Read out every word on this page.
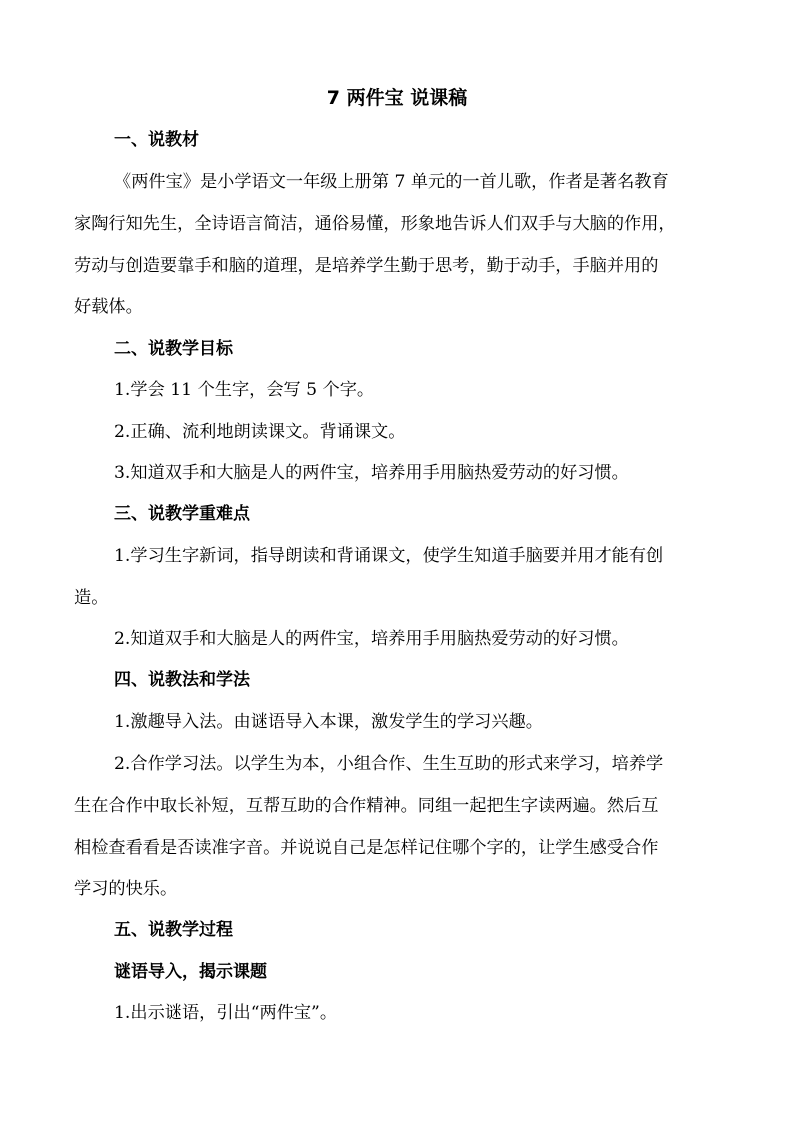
7 两件宝 说课稿
一、说教材
《两件宝》是小学语文一年级上册第 7 单元的一首儿歌，作者是著名教育
家陶行知先生，全诗语言简洁，通俗易懂，形象地告诉人们双手与大脑的作用，
劳动与创造要靠手和脑的道理，是培养学生勤于思考，勤于动手，手脑并用的
好载体。
二、说教学目标
1.学会 11 个生字，会写 5 个字。
2.正确、流利地朗读课文。背诵课文。
3.知道双手和大脑是人的两件宝，培养用手用脑热爱劳动的好习惯。
三、说教学重难点
1.学习生字新词，指导朗读和背诵课文，使学生知道手脑要并用才能有创
造。
2.知道双手和大脑是人的两件宝，培养用手用脑热爱劳动的好习惯。
四、说教法和学法
1.激趣导入法。由谜语导入本课，激发学生的学习兴趣。
2.合作学习法。以学生为本，小组合作、生生互助的形式来学习，培养学
生在合作中取长补短，互帮互助的合作精神。同组一起把生字读两遍。然后互
相检查看看是否读准字音。并说说自己是怎样记住哪个字的，让学生感受合作
学习的快乐。
五、说教学过程
谜语导入，揭示课题
1.出示谜语，引出“两件宝”。
